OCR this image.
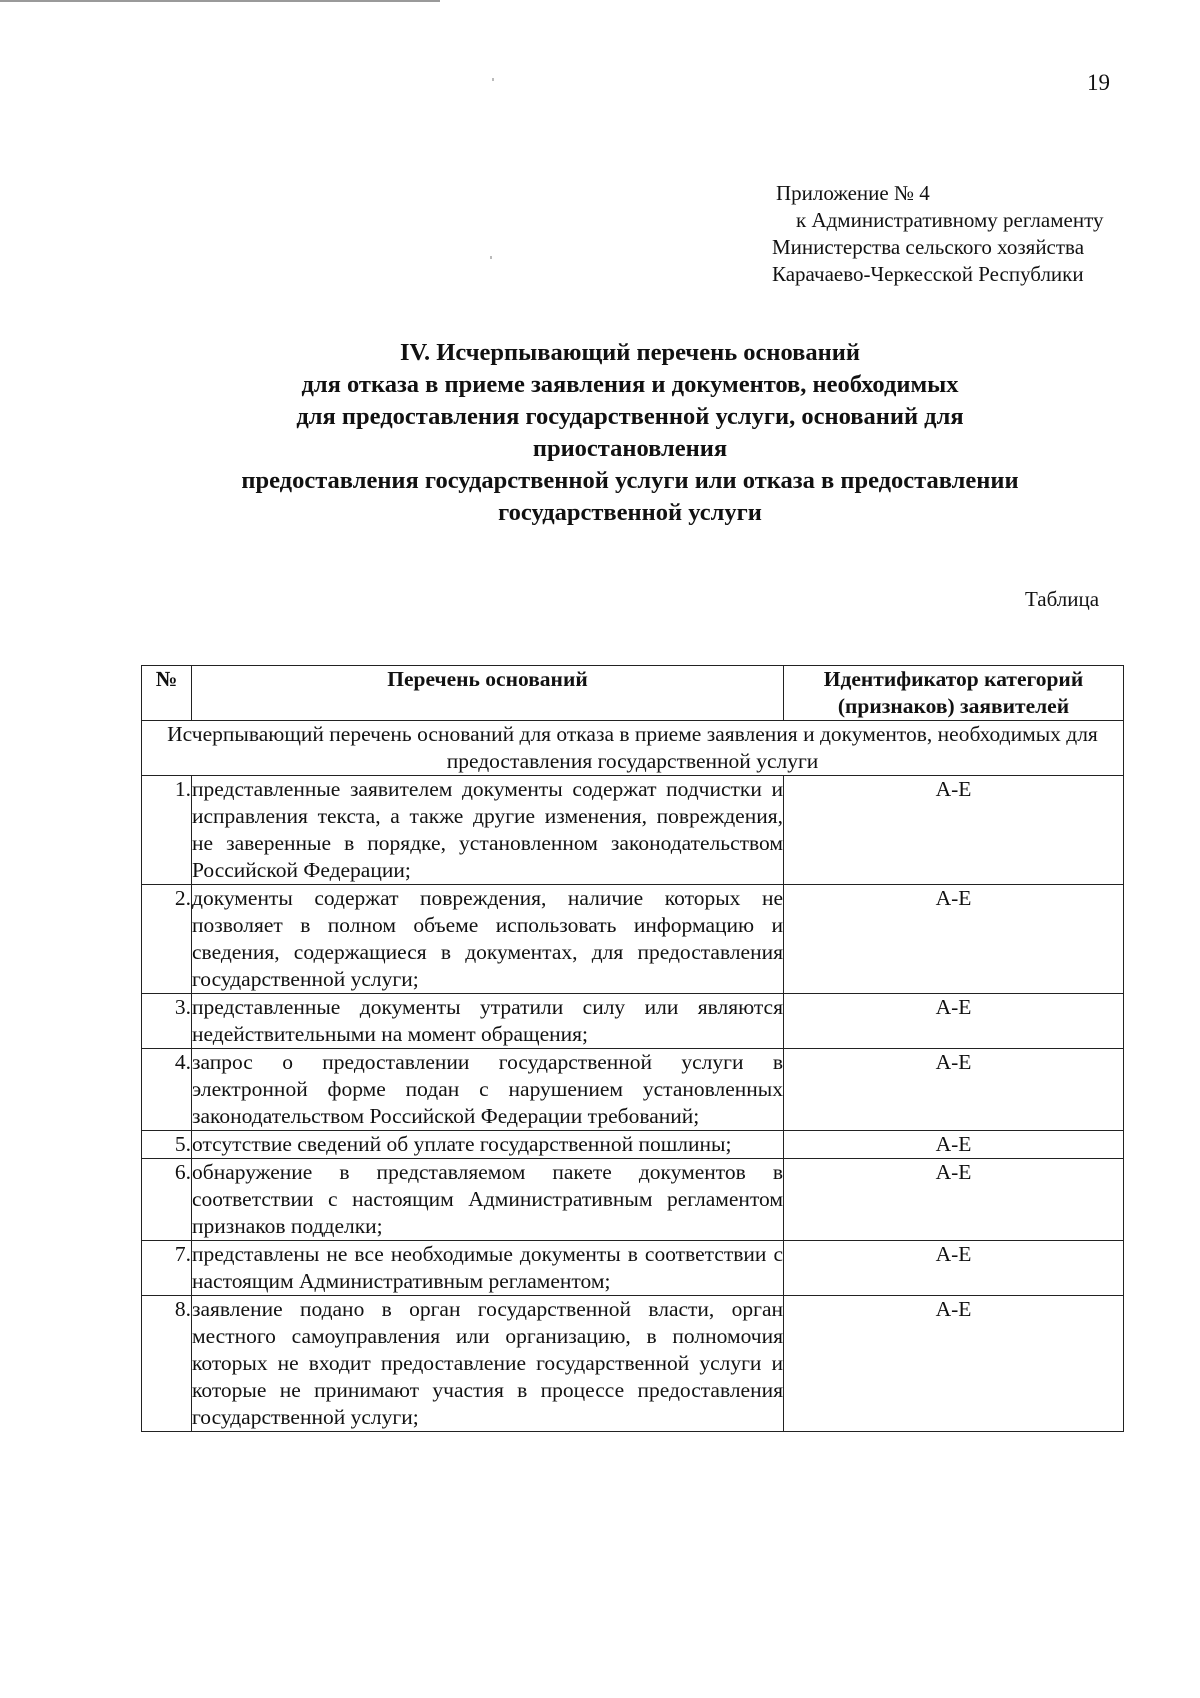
19
Приложение № 4
к Административному регламенту
Министерства сельского хозяйства
Карачаево-Черкесской Республики
IV. Исчерпывающий перечень оснований
для отказа в приеме заявления и документов, необходимых
для предоставления государственной услуги, оснований для
приостановления
предоставления государственной услуги или отказа в предоставлении
государственной услуги
Таблица
№	Перечень оснований	Идентификатор категорий (признаков) заявителей
Исчерпывающий перечень оснований для отказа в приеме заявления и документов, необходимых для предоставления государственной услуги		
1.	представленные заявителем документы содержат подчистки и исправления текста, а также другие изменения, повреждения, не заверенные в порядке, установленном законодательством Российской Федерации;	А-Е
2.	документы содержат повреждения, наличие которых не позволяет в полном объеме использовать информацию и сведения, содержащиеся в документах, для предоставления государственной услуги;	А-Е
3.	представленные документы утратили силу или являются недействительными на момент обращения;	А-Е
4.	запрос о предоставлении государственной услуги в электронной форме подан с нарушением установленных законодательством Российской Федерации требований;	А-Е
5.	отсутствие сведений об уплате государственной пошлины;	А-Е
6.	обнаружение в представляемом пакете документов в соответствии с настоящим Административным регламентом признаков подделки;	А-Е
7.	представлены не все необходимые документы в соответствии с настоящим Административным регламентом;	А-Е
8.	заявление подано в орган государственной власти, орган местного самоуправления или организацию, в полномочия которых не входит предоставление государственной услуги и которые не принимают участия в процессе предоставления государственной услуги;	А-Е
